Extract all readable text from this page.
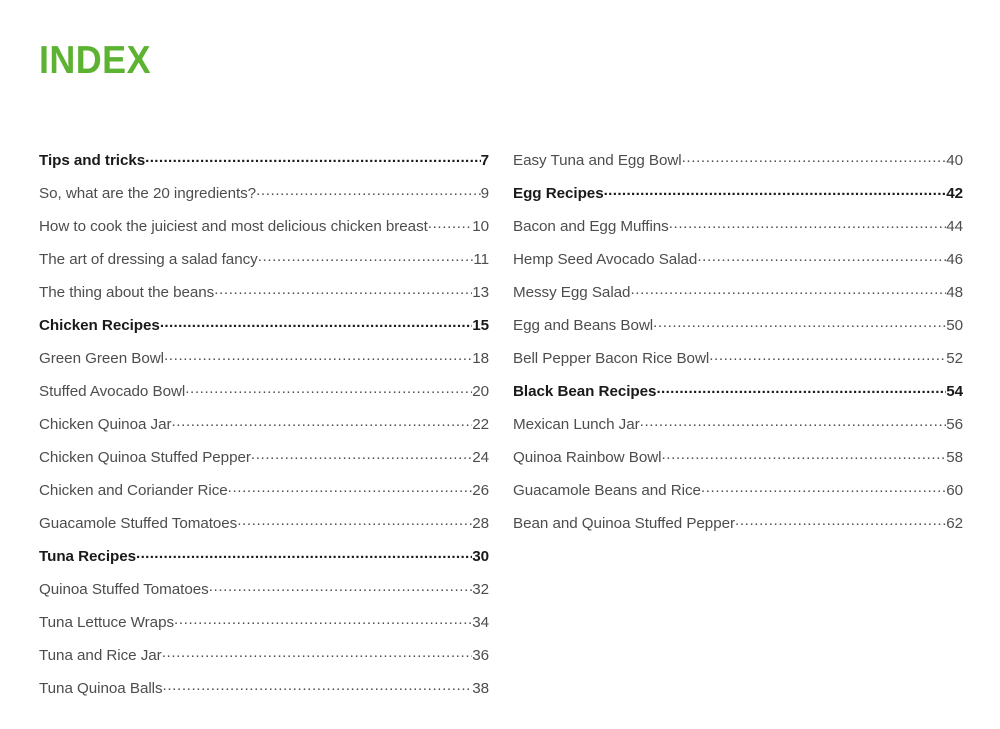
INDEX
Tips and tricks .....	7
So, what are the 20 ingredients? .....	9
How to cook the juiciest and most delicious chicken breast .....	10
The art of dressing a salad fancy .....	11
The thing about the beans .....	13
Chicken Recipes .....	15
Green Green Bowl .....	18
Stuffed Avocado Bowl .....	20
Chicken Quinoa Jar .....	22
Chicken Quinoa Stuffed Pepper .....	24
Chicken and Coriander Rice .....	26
Guacamole Stuffed Tomatoes .....	28
Tuna Recipes .....	30
Quinoa Stuffed Tomatoes .....	32
Tuna Lettuce Wraps .....	34
Tuna and Rice Jar .....	36
Tuna Quinoa Balls .....	38
Easy Tuna and Egg Bowl .....	40
Egg Recipes .....	42
Bacon and Egg Muffins .....	44
Hemp Seed Avocado Salad .....	46
Messy Egg Salad .....	48
Egg and Beans Bowl .....	50
Bell Pepper Bacon Rice Bowl .....	52
Black Bean Recipes .....	54
Mexican Lunch Jar .....	56
Quinoa Rainbow Bowl .....	58
Guacamole Beans and Rice .....	60
Bean and Quinoa Stuffed Pepper .....	62
